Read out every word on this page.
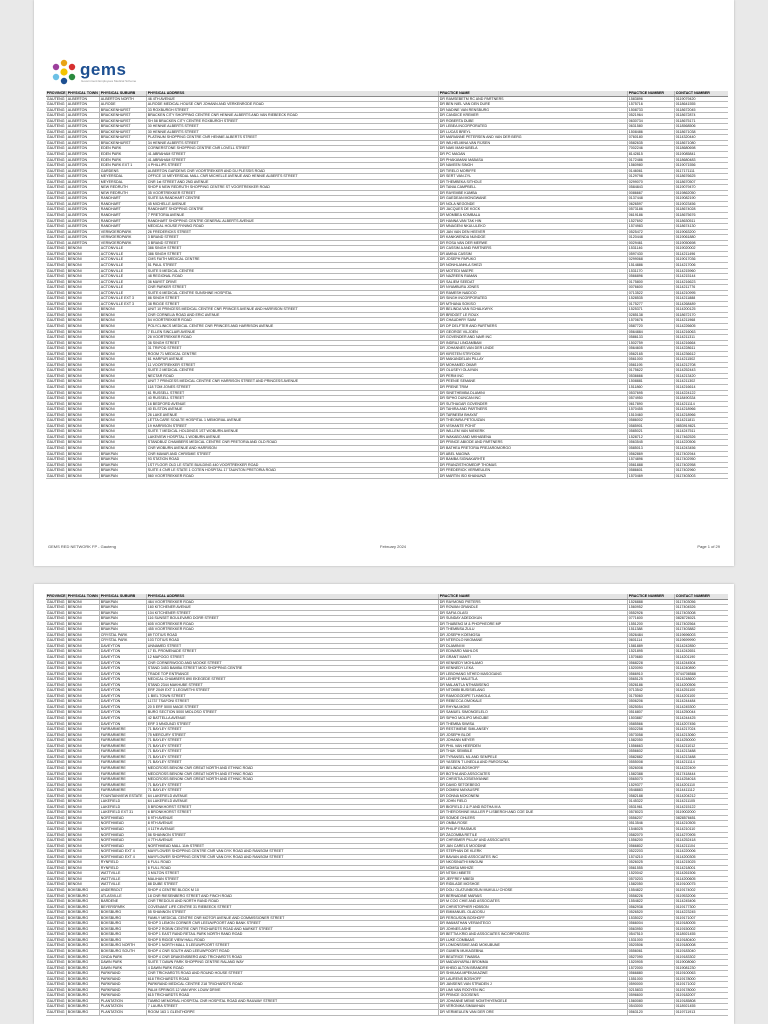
gems
Government Employees Medical Scheme
PROVINCE PHYSICAL TOWN PHYSICAL SUBURB	PHYSICAL ADDRESS	PRACTICE NAME	PRACTICE NUMBER	CONTACT NUMBER
GAUTENG ALBERTON	ALBERTON NORTH	46 4TH AVENUE	DR RAMSEBETM RC AND PARTNERS	1583896	0119079420
GAUTENG ALBERTON	ALRODE	ALRODE MEDICAL HOUSE CNR JOHANN AND VERKENRODE ROAD	DR BEN NIEL VAN DEN DURE	1575716	0118641555
GAUTENG ALBERTON	BRACKENHURST	33 ROXBURGH STREET	DR NADINE VAN RENSBURG	1508733	0118672045
GAUTENG ALBERTON	BRACKENHURST	BRACKEN CITY SHOPPING CENTRE CNR HENNIE ALBERTS AND VAN RIEBEECK ROAD	DR CANDICE KREMER	0521964	0118672874
GAUTENG ALBERTON	BRACKENHURST	SH 58 BRACKEN CITY CENTRE ROXBURGH STREET	DR ROBERTA DUBE	0630734	0118675171
GAUTENG ALBERTON	BRACKENHURST	30 HENNIE ALBERTS STREET	DR LEBEA INCORPORATED	0631580	0118568506
GAUTENG ALBERTON	BRACKENHURST	30 HENNIE ALBERTS STREET	DR LUCAS BREYL	1508486	0118671038
GAUTENG ALBERTON	BRACKENHURST	PLATINUM SHOPPING CENTRE CNR HENNIE ALBERTS STREET	DR MARIANNE PETERSEN AND VAN DER BERG	0760180	0114320440
GAUTENG ALBERTON	BRACKENHURST	34 HENNIE ALBERTS STREET	DR WILHELMINA VAN RIJSEN	0582635	0118671080
GAUTENG ALBERTON	EDEN PARK	CORNERSTONE SHOPPING CENTRE CNR LOVELL STREET	DR NAKI MAKHUBELA	7002246	0118680698
GAUTENG ALBERTON	EDEN PARK	41 ABRAHAM STREET	DR PC MAGAN	8142815	0119085841
GAUTENG ALBERTON	EDEN PARK	41 ABRAHAM STREET	DR PHAKAMANI MABASA	0172486	0118680483
GAUTENG ALBERTON	EDEN PARK EXT 1	4 PHILLIPS STREET	DR NAVEEN SINGH	1560980	0119071556
GAUTENG ALBERTON	GARDENS	ALBERTON GARDENS CNR VOORTREKKER AND DU PLESSIS ROAD	DR TIRELO MORIFFE	0146061	0117171111
GAUTENG ALBERTON	MEYERSDAL	OFFICE 10 MEYERSDAL MALL CNR MICHELLE AVENUE AND HENNIE ALBERTS STREET	DR SERT VAN ZYL	0129798	0118676625
GAUTENG ALBERTON	MEYERSDAL	CNR 1st STREET AND 2ND AVENUE	DR THEMBEKA SITHOLE	0299070	0118670507
GAUTENG ALBERTON	NEW REDRUTH	SHOP 6 NEW REDRUTH SHOPPING CENTRE ST VOORTREKKER ROAD	DR TANIA CAMPBELL	0584843	0119079470
GAUTENG ALBERTON	NEW REDRUTH	35 VOORTREKKER STREET	DR RAYEMBE KUMBA	0086667	0119862050
GAUTENG ALBERTON	RANDHART	SUITE 5A RANDHART CENTRE	DR GAEDEAN MONGWANE	0137448	0119082190
GAUTENG ALBERTON	RANDHART	45 MICHELLE AVENUE	DR NOLA NEGONDE	0626597	0119023456
GAUTENG ALBERTON	RANDHART	RANDHART SHOPPING CENTRE	DR JACQUES DE KOCK	0573186	0118674028
GAUTENG ALBERTON	RANDHART	7 PRETORIA AVENUE	DR MOMBEA KOMBALA	0619186	0118675676
GAUTENG ALBERTON	RANDHART	RANDHART SHOPPING CENTRE GENERAL ALBERTS AVENUE	DR HANNA VAN TAK HIN	1527692	0118630511
GAUTENG ALBERTON	RANDHART	MEDICAL HOUSE RYNING ROAD	DR MNAGENI NKULULEKO	1574983	0118674130
GAUTENG ALBERTON	VERWOERDPARK	26 FREDERICKS STREET	DR JAN VAN DEN HEEVER	0525472	0119063200
GAUTENG ALBERTON	VERWOERDPARK	3 BRAND STREET	DR KANKWENDA NUNDGE	0120448	0119061880
GAUTENG ALBERTON	VERWOERDPARK	3 BRAND STREET	DR ROSA VAN DER MERWE	0029461	0119050698
GAUTENG BENONI	ACTONVILLE	386 SINGH STREET	DR CASSIM A AND PARTNERS	1531146	0119020002
GAUTENG BENONI	ACTONVILLE	386 SINGH STREET	DR AMINA CASSIM	0597430	0114211496
GAUTENG BENONI	ACTONVILLE	CMS FAITH MEDICAL CENTRE	DR JOSEPH PAPUKO	0299068	0119017036
GAUTENG BENONI	ACTONVILLE	51 PAUL STREET	DR NONHLANHLA SHEZI	1514886	0114217006
GAUTENG BENONI	ACTONVILLE	SUITE 5 MEDICAL CENTRE	DR MOTEDI MAEPE	1531170	0114215960
GAUTENG BENONI	ACTONVILLE	48 REGIONAL ROAD	DR NAZREEN RAMAN	0566896	0114215144
GAUTENG BENONI	ACTONVILLE	36 MAYET DRIVE	DR SALIEM SEEDAT	0175800	0114216623
GAUTENG BENONI	ACTONVILLE	CNR PARKER STREET	DR NYAMBURA JONES	0076600	0114211776
GAUTENG BENONI	ACTONVILLE	SUITE 6 MEDICAL CENTRE SUNSHINE HOSPITAL	DR RAMESH NAIDOO	0713522	0114210995
GAUTENG BENONI	ACTONVILLE EXT 3	86 SINGH STREET	DR SINGH INCORPORATED	1528535	0114211888
GAUTENG BENONI	ACTONVILLE EXT 3	38 RIDGE STREET	DR MTHANA SOKISO	0175277	0114268489
GAUTENG BENONI	BENONI	UNIT 10 PRINCESS MEDICAL CENTRE CNR PRINCES AVENUE AND HARRISON STREET	DR BELINDA VAN SCHALKWYK	1525371	0114200125
GAUTENG BENONI	BENONI	CNR CORNELIA ROAD AND ERIC AVENUE	DR BRIDGET LE ROUX	0285138	0118672170
GAUTENG BENONI	BENONI	54 VOORTREKKER ROAD	DR CHAUDHRY SAIM	1570676	0114211968
GAUTENG BENONI	BENONI	POLYCLINICS MEDICAL CENTRE CNR PRINCES AND HARRISON AVENUE	DR DP DELFTER AND PARTNERS	0587720	0114226605
GAUTENG BENONI	BENONI	7 ELLEN SINCLAIR AVENUE	DR GEORGE VILJOEN	0564884	0114216063
GAUTENG BENONI	BENONI	26 VOORTREKKER ROAD	DR GOVENDER AND NAIR INC	0586133	0114211311
GAUTENG BENONI	BENONI	36 SINGH STREET	DR INDRAJ LINGAMBAM	1502759	0114216664
GAUTENG BENONI	BENONI	31 TRIPOD STREET	DR JOHANNES VAN DER LINDE	0564605	0114228611
GAUTENG BENONI	BENONI	ROOM 71 MEDICAL CENTRE	DR KIRSTEN STRYDOM	0562165	0114236612
GAUTENG BENONI	BENONI	61 HARPUR AVENUE	DR MAKANDELAN PILLAY	0561000	0114211502
GAUTENG BENONI	BENONI	11 VOORTREKKER STREET	DR MOHAMED OMAR	0561195	0114212708
GAUTENG BENONI	BENONI	SUITE 2 MEDICAL CENTRE	DR OLUSEYI OLAIYAN	0175622	0114252443
GAUTENG BENONI	BENONI	NECTAR ROAD	DR PERM INC	0536666	0114213420
GAUTENG BENONI	BENONI	UNIT 7 PRINCESS MEDICAL CENTRE CNR HARRISON STREET AND PRINCESS AVENUE	DR PEENIE SEMANE	1508881	0114211302
GAUTENG BENONI	BENONI	118 TOM JONES STREET	DR PRENE TRIM	1511860	0114216614
GAUTENG BENONI	BENONI	61 RUSSELL STREET	DR SINETHEMBA DLAMINI	0537695	0114224122
GAUTENG BENONI	BENONI	40 RUSSELL STREET	DR SIPHO DUNCAN INC	0574950	0118490334
GAUTENG BENONI	BENONI	16 BEDFORD AVENUE	DR SUTHAGAR GOVENDER	0617890	0114211114
GAUTENG BENONI	BENONI	40 ELSTON AVENUE	DR TAHIRA AND PARTNERS	1570455	0114218966
GAUTENG BENONI	BENONI	26 LAKE AVENUE	DR TARNEEM BHAYAT	1510460	0114218966
GAUTENG BENONI	BENONI	LETTA CARE SOULTE HOSPITAL 1 MEMORIAL AVENUE	DR THEONRA PETOUIZAN	0586002	0114211811
GAUTENG BENONI	BENONI	19 HARRISON STREET	DR VISHANTE POHIT	0585901	0853919821
GAUTENG BENONI	BENONI	SUITE 7 MEDICAL HOLDINGS 1ST WOBURN AVENUE	DR WILLEM VAN NIEKERK	0585021	0114247511
GAUTENG BENONI	BENONI	LAKEVIEW HOSPITAL 1 WOBURN AVENUE	DR WAKABO AND MKHABENA	1528712	0117462526
GAUTENG BENONI	BENONI	STANDBUZ CHAMBERS MEDICAL CENTRE CNR PRETORIA AND OLD ROAD	DR PRINCE ABIODE AND PARTNERS	0563545	0114220506
GAUTENG BENONI	BENONI	CNR WOBURN AVENUE AND HARRISON	DR BATHEA PRETORIA PREJAROMORGO	0585013	0114243456
GAUTENG BENONI	BRAKPAN	CNR MAVAR AND CHRISMIE STREET	DR ABEL MAGWA	0562869	0117402944
GAUTENG BENONI	BRAKPAN	93 STATION ROAD	DR BAMBA SIGNAKARHTE	1574896	0117402950
GAUTENG BENONI	BRAKPAN	1ST FLOOR OLD LE STATE BUILDING 440 VOORTREKKER ROAD	DR FRANZISTHOMEDIP THOMAS	0561888	0117402958
GAUTENG BENONI	BRAKPAN	SUITE 4 CNR LE STATE 1 COTEN HOSPITAL 17 TAUNTON PRETORIA ROAD	DR FREDERICK VERMEULEN	0586601	0117402960
GAUTENG BENONI	BRAKPAN	560 VOORTREKKER ROAD	DR MARTIN ISO KHANUNZI	1570469	0117403003
GEMS RED NETWORK FP - Gauteng	February 2024	Page 1 of 29
PROVINCE PHYSICAL TOWN PHYSICAL SUBURB	PHYSICAL ADDRESS	PRACTICE NAME	PRACTICE NUMBER	CONTACT NUMBER
GAUTENG BENONI	BRAKPAN	464 VOORTREKKER ROAD	DR RAYMOND PIETERS	1526888	0117403056
GAUTENG BENONI	BRAKPAN	160 KITCHENER AVENUE	DR ROWAN GRANDLE	1560952	0117404526
GAUTENG BENONI	BRAKPAN	104 KITCHENER STREET	DR SAFIA OLASI	0552926	0117403008
GAUTENG BENONI	BRAKPAN	116 SUNSET BOULEVARD DORR STREET	DR SUNDAY ADEDOKUN	0771600	0828726021
GAUTENG BENONI	BRAKPAN	605 VOORTREKKER ROAD	DR THABENG M & PHOPHEORE MP	1551200	0117402564
GAUTENG BENONI	BRAKPAN	455 VOORTREKKER ROAD	DR THEMBISA ZULU	1511388	0117403882
GAUTENG BENONI	CRYSTAL PARK	89 TOTIUS ROAD	DR JOSEPH KOENIGSA	0526484	0119696003
GAUTENG BENONI	CRYSTAL PARK	103 TOTIUS ROAD	DR NTEROLO NKOMANE	0601114	0119699990
GAUTENG BENONI	DAVEYTON	UNNAMED STREET	DR DLAMINI M	1581889	0114242850
GAUTENG BENONI	DAVEYTON	17 EL PROMENADE STREET	DR EDWARD MAHLOS	1521895	0114242651
GAUTENG BENONI	DAVEYTON	12 MAPOGO STREET	DR GRANT MANTI	1570680	0114201190
GAUTENG BENONI	DAVEYTON	CNR CORNERWOOD AND MOOKE STREET	DR KENNEDY MOHLAMO	0568228	0114244504
GAUTENG BENONI	DAVEYTON	STAND 3453 BAMBA STREET MOD SHOPPING CENTRE	DR KENNEDY LEKA	1520090	0114240890
GAUTENG BENONI	DAVEYTON	TRADE TOP ENTRANCE	DR LEBOHANG NTHEO MASOGANG	0566910	0744708588
GAUTENG BENONI	DAVEYTON	MEDICAL CHAMBERS 890 EKEGEDE STREET	DR LEHEPE MALETLA	0565125	0114248600
GAUTENG BENONI	DAVEYTON	STAND 2344 MAKHUBE STREET	DR MALANTLA NTHABISENG	0526186	0114200506
GAUTENG BENONI	DAVEYTON	ERF 2049 EXT 3 LEGWETHI STREET	DR NTOMBI BUSISIELANG	0713542	0114251100
GAUTENG BENONI	DAVEYTON	1 BIEL TOWN STREET	DR RAMOGODIPE TLHAKOLA	0175060	0114201100
GAUTENG BENONI	DAVEYTON	11737 TSAFONI STREET	DR REBECCA OMOKALE	0506206	0114244484
GAUTENG BENONI	DAVEYTON	20 5 ERF 5000 MAGE STREET	DR RHYNA MOKE	0525054	0114245300
GAUTENG BENONI	DAVEYTON	BURO SECTION 5000 MIDLOSO STREET	DR SAMUEL SIMONGELELO	0516807	0114250044
GAUTENG BENONI	DAVEYTON	42 BATTELLA AVENUE	DR SIPHO MOLIPO MNCUBE	1503887	0114244425
GAUTENG BENONI	DAVEYTON	ERF 3 MNGUNZI STREET	DR THEMBA SIWISA	0585566	0114207456
GAUTENG BENONI	FARRARMERE	71 BAYLEY STREET	DR RESTIMENE SMILANSEY	0502258	0114217024
GAUTENG BENONI	FARRARMERE	75 MERCURY STREET	DR JOSEPH BLOE	0573058	0114213060
GAUTENG BENONI	FARRARMERE	71 BAYLEY STREET	DR JOHANN MEYER	1582050	0114250000
GAUTENG BENONI	FARRARMERE	71 BAYLEY STREET	DR PHIL VAN HEERDEN	1556663	0114211012
GAUTENG BENONI	FARRARMERE	71 BAYLEY STREET	DR THUK SEMBILE	0556602	0114213488
GAUTENG BENONI	FARRARMERE	71 BAYLEY STREET	DR TYRANSEL ML AND SEMPELE	0582882	0114213488
GAUTENG BENONI	FARRARMERE	71 BAYLEY STREET	DR YASEEN T LINEDLA AND PAROSONA	0555008	0114211114
GAUTENG BENONI	FARRARMERE	MEDCROSS BENONI CNR GREAT NORTH AND ETHNIC ROAD	DR BELINDA BOSHOFF	0526008	0114222409
GAUTENG BENONI	FARRARMERE	MEDCROSS BENONI CNR GREAT NORTH AND ETHNIC ROAD	DR BOTHA AND ASSOCIATES	1582388	0117418444
GAUTENG BENONI	FARRARMERE	MEDCROSS BENONI CNR GREAT NORTH AND ETHNIC ROAD	DR CHRISTIA JOSIENYANNE	0565070	0114254018
GAUTENG BENONI	FARRARMERE	71 BAYLEY STREET	DR DAVID SETOEBEGO	1529377	0114201110
GAUTENG BENONI	FARRARMERE	71 BAYLEY STREET	DR DOMINI MAYAUSPE	0548883	0114411112
GAUTENG BENONI	FOUNTAINVIEW ESTATE	64 LAKEFIELD AVENUE	DR DONNA MOKONENI	0582188	0114204212
GAUTENG BENONI	LAKEFIELD	64 LAKEFIELD AVENUE	DR JOHN FIELD	0145322	0114211105
GAUTENG BENONI	LAKEFIELD	5 BRONKHORST STREET	DR BIGFIELD J & P AND BOTHA M A	0531961	0114215122
GAUTENG BENONI	LAKEFIELD EXT 31	6 BRONKHORST STREET	DR THEROSHINE MULLER P LISBERGH AND COE DUE	0578023	0119002000
GAUTENG BENONI	NORTHMEAD	6 9TH AVENUE	DR SOMDE OHLERS	0556207	0828576651
GAUTENG BENONI	NORTHMEAD	8 9TH AVENUE	DR OMBA ROSE	0513546	0114210505
GAUTENG BENONI	NORTHMEAD	4 11TH AVENUE	DR PHILIP ERASMUS	1546025	0114210110
GAUTENG BENONI	NORTHMEAD	56 SHANNON STREET	DR ZACOMBA RETILE	0582070	0114270905
GAUTENG BENONI	NORTHMEAD	4 7TH AVENUE	DR CHRISMER PILLAY AND ASSOCIATES	1556200	0114252418
GAUTENG BENONI	NORTHMEAD	NORTHMEAD MALL 11th STREET	DR JAN CARELS MOODINE	0566802	0114211104
GAUTENG BENONI	NORTHMEAD EXT 4	MAYFLOWER SHOPPING CENTRE CNR VAN DYK ROAD AND RANSOM STREET	DR STEPHAN DE KLERK	0522203	0114220006
GAUTENG BENONI	NORTHMEAD EXT 4	MAYFLOWER SHOPPING CENTRE CNR VAN DYK ROAD AND RANSOM STREET	DR BAVIAN AND ASSOCIATES INC	1574210	0114200305
GAUTENG BENONI	RYNFIELD	6 FULL ROAD	DR NKOSINATHI MNGUNI	0526025	0114215025
GAUTENG BENONI	RYNFIELD	6 FULL ROAD	DR NOMSA MKHIZE	0561555	0114218001
GAUTENG BENONI	WATTVILLE	3 MILTON STREET	DR NTSIKI MBETE	1520042	0114261506
GAUTENG BENONI	WATTVILLE	MALIHAN STREET	DR JEFFREY MBEDI	0570203	0114200605
GAUTENG BENONI	WATTVILLE	88 DUBE STREET	DR RIDILADE MOSHOE	1582050	0119100075
GAUTENG BOKSBURG	ANDERBOLT	SHOP 4 CENTRE BLOCK M 10	DR DOLI OLATUNBOSUN MUKULU CHOSE	1554822	0119174002
GAUTENG BOKSBURG	ATLASVILLE	18 CNR RIESENBERG STREET AND FINCH ROAD	DR BERNADINE MARAIS	0558226	0119532006
GAUTENG BOKSBURG	BARDENE	CNR TREDOUX AND NORTH RAND ROAD	DR M COO CHIE AND ASSOCIATES	1554822	0114245406
GAUTENG BOKSBURG	BEYERSPARK	COVENANT LIFE CENTRE 31 RIEBEECK STREET	DR CHRISTOPHER HOBSON	0562938	0119177300
GAUTENG BOKSBURG	BOKSBURG	55 SHANNON STREET	DR EMMANUEL OLADOSU	0526520	0114223245
GAUTENG BOKSBURG	BOKSBURG	FAMILY MEDICAL CENTRE CNR MOTOR AVENUE AND COMMISSIONER STREET	DR FERGUSON BOSHOFF	1535022	0119171007
GAUTENG BOKSBURG	BOKSBURG	SHOP 3 LEMON CORNER CNR LEEUWPOORT AND BANK STREET	DR IMAMATHAN VERANTEGO	0566004	0119180005
GAUTENG BOKSBURG	BOKSBURG	SHOP 2 ROBIN CENTRE CNR TRICHARDTS ROAD AND MARKET STREET	DR JOHNES ASHE	0563950	0119150002
GAUTENG BOKSBURG	BOKSBURG	SHOP 1 EAST RAND RETAIL PARK NORTH RAND ROAD	DR BETTIA KRID AND ASSOCIATES INCORPORATED	0547510	0118921455
GAUTENG BOKSBURG	BOKSBURG	SHOP 5 RIDGE VIEW HALL ROAD	DR LUKE COMBAAS	1531000	0119180400
GAUTENG BOKSBURG	BOKSBURG NORTH	SHOP 1 NORTH MALL 5 LEEUWPOORT STREET	DR LOMONSSIKE AND MOKUBUNE	0520506	0119180008
GAUTENG BOKSBURG	BOKSBURG SOUTH	SHOP 4 CNR SOUTH AND LEEUWPOORT ROAD	DR GUMEN MUKAGEBNA	0556061	0119183040
GAUTENG BOKSBURG	CINDA PARK	SHOP 4 CNR DRAKENSBERG AND TRICHARDTS ROAD	DR BEATRICE TWABSA	0527090	0119183302
GAUTENG BOKSBURG	DAWN PARK	SUITE 7 DAWN PARK SHOPPING CENTRE RALAND WAY	DR MADANYAPALI BROMMA	1520905	0119008060
GAUTENG BOKSBURG	DAWN PARK	4 DAWN PARK ROAD	DR KHEID ALTON BRANDRE	1572000	0119081230
GAUTENG BOKSBURG	PARKRAND	CNR TRICHARDTS ROAD AND ROUND HOUSE STREET	DR SHIKAKA MPEKAKAZWE	0566880	0119100063
GAUTENG BOKSBURG	PARKRAND	618 TRICHARDTS ROAD	DR LAURENS BOSHOFF	1551000	0119178000
GAUTENG BOKSBURG	PARKRAND	PARKRAND MEDICAL CENTRE 218 TRICHARDTS ROAD	DR JANSENS VAN STRADEN J	0590000	0119171002
GAUTENG BOKSBURG	PARKRAND	PALM SPRINGS 12 VAN WYK LOUW DRIVE	DR LIMI VAN ROOYEN INC	0215833	0119178000
GAUTENG BOKSBURG	PARKRAND	615 TRICHARDTS ROAD	DR PRINCE GOOSENS	0596600	0119182007
GAUTENG BOKSBURG	PLANTATION	TAMBO MEMORIAL HOSPITAL CNR HOSPITAL ROAD AND RAILWAY STREET	DR JOHANNE MEME NOMTHIYENGELE	1560080	0119185808
GAUTENG BOKSBURG	PLANTATION	7 LAURA STREET	DR VERONIKA SIMIAVHAN	0543000	0118921455
GAUTENG BOKSBURG	PLANTATION	ROOM 163 1 GLENTHORPE	DR VERMEULEN VAN DER ORE	0563120	0119711913
